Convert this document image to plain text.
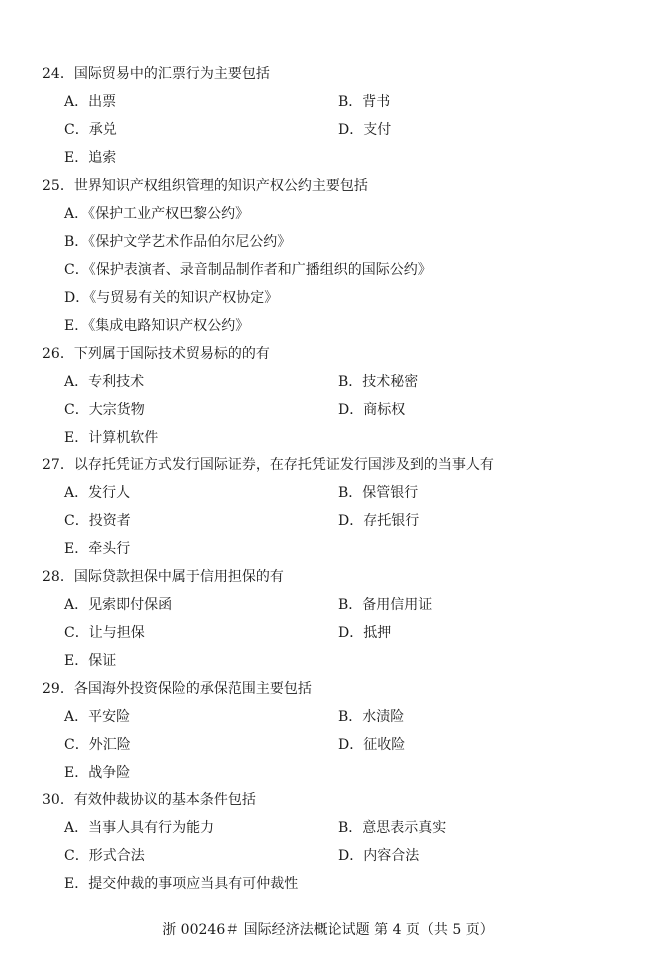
24．国际贸易中的汇票行为主要包括
A．出票	B．背书
C．承兑	D．支付
E．追索
25．世界知识产权组织管理的知识产权公约主要包括
A．《保护工业产权巴黎公约》
B．《保护文学艺术作品伯尔尼公约》
C．《保护表演者、录音制品制作者和广播组织的国际公约》
D．《与贸易有关的知识产权协定》
E．《集成电路知识产权公约》
26．下列属于国际技术贸易标的的有
A．专利技术	B．技术秘密
C．大宗货物	D．商标权
E．计算机软件
27．以存托凭证方式发行国际证券，在存托凭证发行国涉及到的当事人有
A．发行人	B．保管银行
C．投资者	D．存托银行
E．牵头行
28．国际贷款担保中属于信用担保的有
A．见索即付保函	B．备用信用证
C．让与担保	D．抵押
E．保证
29．各国海外投资保险的承保范围主要包括
A．平安险	B．水渍险
C．外汇险	D．征收险
E．战争险
30．有效仲裁协议的基本条件包括
A．当事人具有行为能力	B．意思表示真实
C．形式合法	D．内容合法
E．提交仲裁的事项应当具有可仲裁性
浙 00246＃ 国际经济法概论试题 第 4 页（共 5 页）
